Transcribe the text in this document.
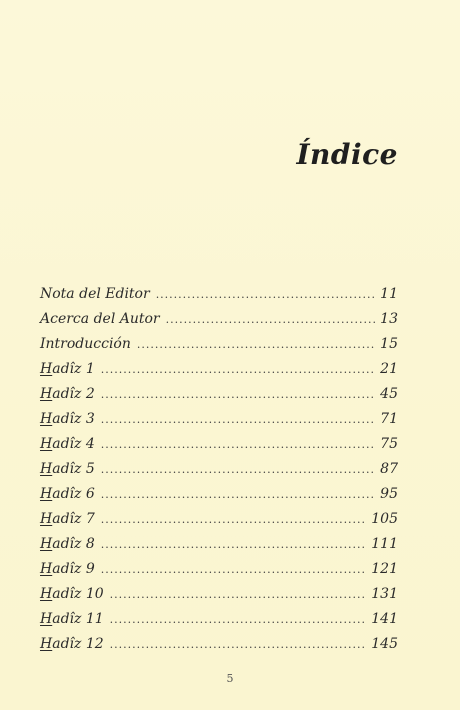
Índice
Nota del Editor .....	11
Acerca del Autor .....	13
Introducción .....	15
Hadîz 1 .....	21
Hadîz 2 .....	45
Hadîz 3 .....	71
Hadîz 4 .....	75
Hadîz 5 .....	87
Hadîz 6 .....	95
Hadîz 7 .....	105
Hadîz 8 .....	111
Hadîz 9 .....	121
Hadîz 10 .....	131
Hadîz 11 .....	141
Hadîz 12 .....	145
5
